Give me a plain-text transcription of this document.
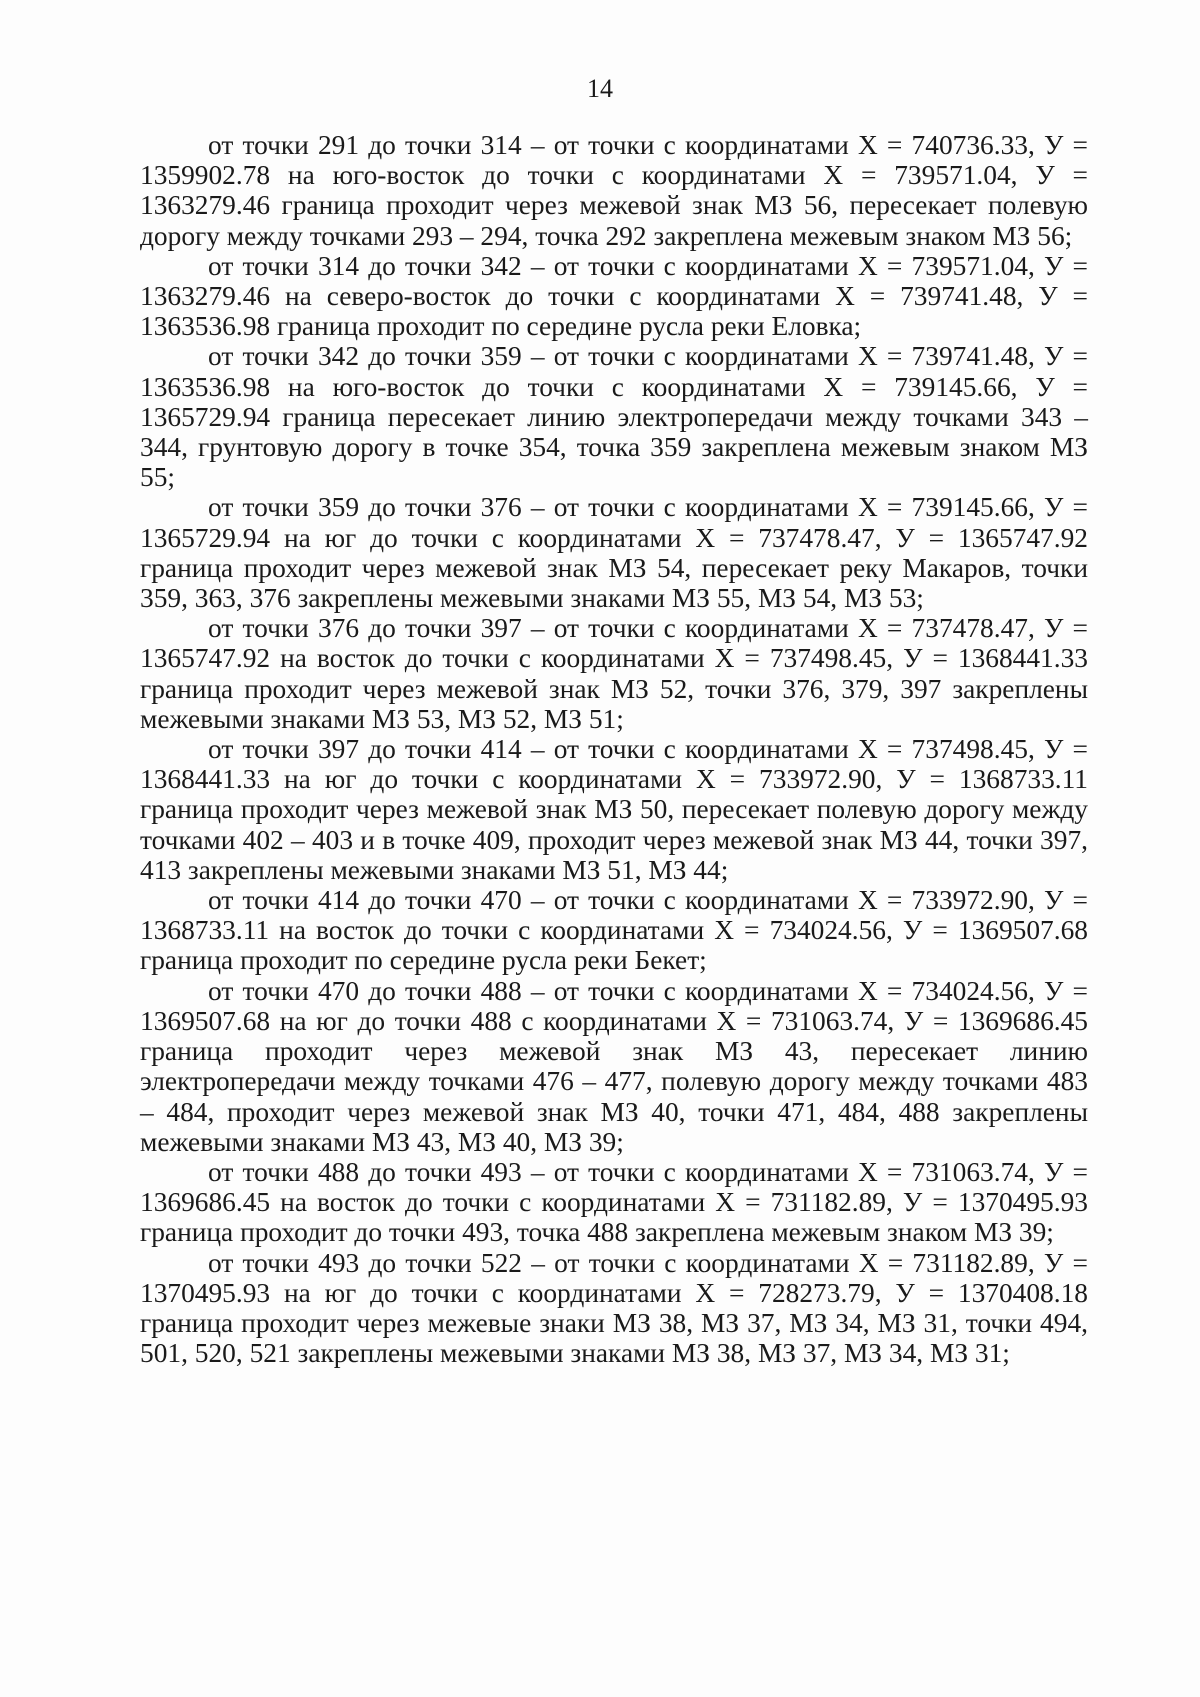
14

от точки 291 до точки 314 – от точки с координатами Х = 740736.33, У = 1359902.78 на юго-восток до точки с координатами Х = 739571.04, У = 1363279.46 граница проходит через межевой знак МЗ 56, пересекает полевую дорогу между точками 293 – 294, точка 292 закреплена межевым знаком МЗ 56;

от точки 314 до точки 342 – от точки с координатами Х = 739571.04, У = 1363279.46 на северо-восток до точки с координатами Х = 739741.48, У = 1363536.98 граница проходит по середине русла реки Еловка;

от точки 342 до точки 359 – от точки с координатами Х = 739741.48, У = 1363536.98 на юго-восток до точки с координатами Х = 739145.66, У = 1365729.94 граница пересекает линию электропередачи между точками 343 – 344, грунтовую дорогу в точке 354, точка 359 закреплена межевым знаком МЗ 55;

от точки 359 до точки 376 – от точки с координатами Х = 739145.66, У = 1365729.94 на юг до точки с координатами Х = 737478.47, У = 1365747.92 граница проходит через межевой знак МЗ 54, пересекает реку Макаров, точки 359, 363, 376 закреплены межевыми знаками МЗ 55, МЗ 54, МЗ 53;

от точки 376 до точки 397 – от точки с координатами Х = 737478.47, У = 1365747.92 на восток до точки с координатами Х = 737498.45, У = 1368441.33 граница проходит через межевой знак МЗ 52, точки 376, 379, 397 закреплены межевыми знаками МЗ 53, МЗ 52, МЗ 51;

от точки 397 до точки 414 – от точки с координатами Х = 737498.45, У = 1368441.33 на юг до точки с координатами Х = 733972.90, У = 1368733.11 граница проходит через межевой знак МЗ 50, пересекает полевую дорогу между точками 402 – 403 и в точке 409, проходит через межевой знак МЗ 44, точки 397, 413 закреплены межевыми знаками МЗ 51, МЗ 44;

от точки 414 до точки 470 – от точки с координатами Х = 733972.90, У = 1368733.11 на восток до точки с координатами Х = 734024.56, У = 1369507.68 граница проходит по середине русла реки Бекет;

от точки 470 до точки 488 – от точки с координатами Х = 734024.56, У = 1369507.68 на юг до точки 488 с координатами Х = 731063.74, У = 1369686.45 граница проходит через межевой знак МЗ 43, пересекает линию электропередачи между точками 476 – 477, полевую дорогу между точками 483 – 484, проходит через межевой знак МЗ 40, точки 471, 484, 488 закреплены межевыми знаками МЗ 43, МЗ 40, МЗ 39;

от точки 488 до точки 493 – от точки с координатами Х = 731063.74, У = 1369686.45 на восток до точки с координатами Х = 731182.89, У = 1370495.93 граница проходит до точки 493, точка 488 закреплена межевым знаком МЗ 39;

от точки 493 до точки 522 – от точки с координатами Х = 731182.89, У = 1370495.93 на юг до точки с координатами Х = 728273.79, У = 1370408.18 граница проходит через межевые знаки МЗ 38, МЗ 37, МЗ 34, МЗ 31, точки 494, 501, 520, 521 закреплены межевыми знаками МЗ 38, МЗ 37, МЗ 34, МЗ 31;
